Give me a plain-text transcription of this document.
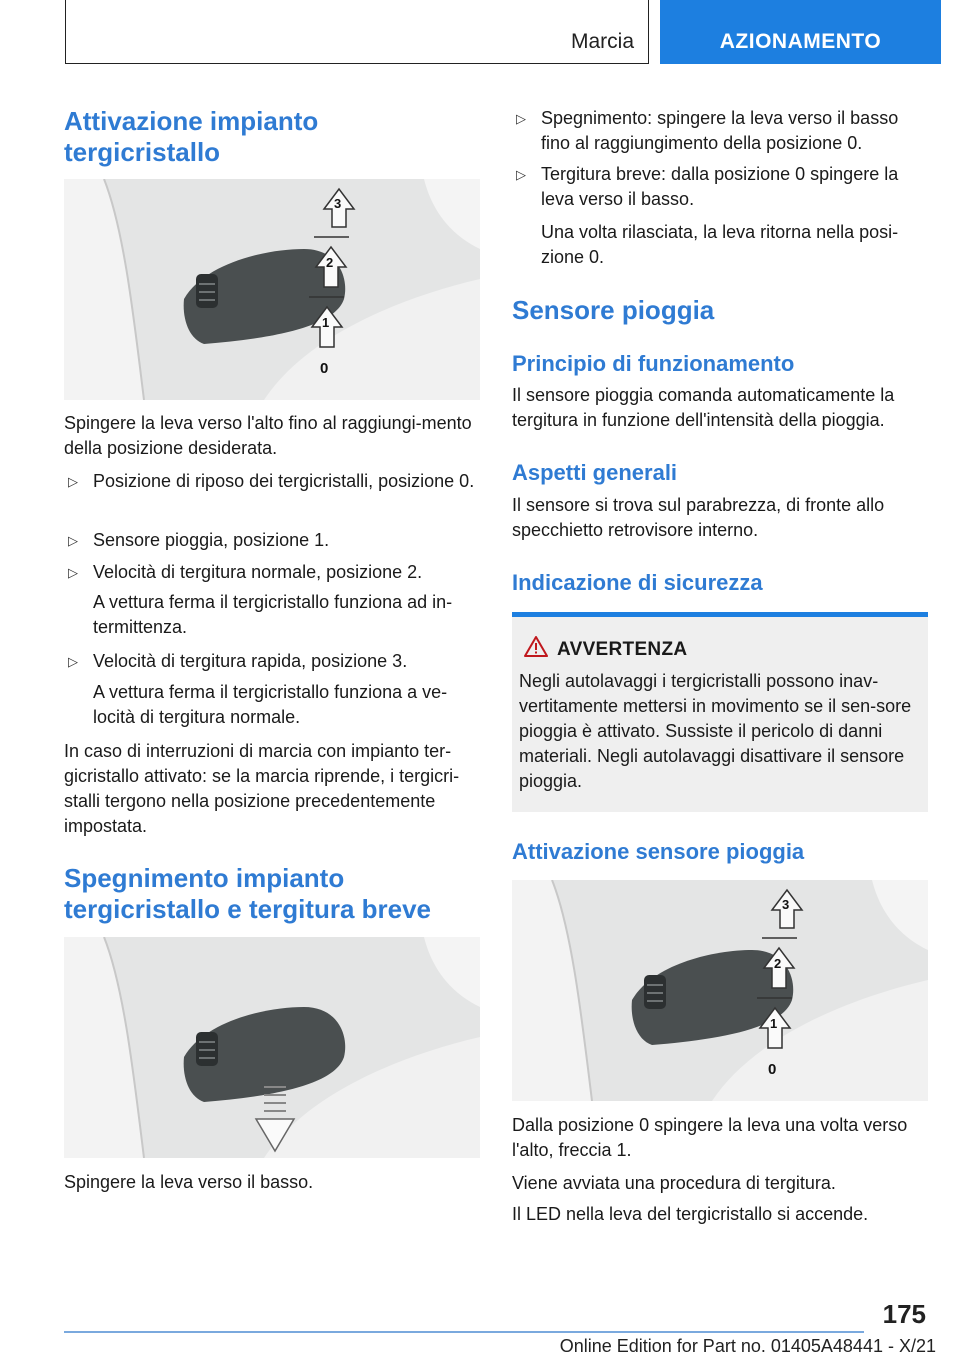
Marcia	AZIONAMENTO
Attivazione impianto tergicristallo
3
2
1
0
Spingere la leva verso l'alto fino al raggiungi-mento della posizione desiderata.
▷ Posizione di riposo dei tergicristalli, posizione 0.
▷ Sensore pioggia, posizione 1.
▷ Velocità di tergitura normale, posizione 2.
A vettura ferma il tergicristallo funziona ad in-termittenza.
▷ Velocità di tergitura rapida, posizione 3.
A vettura ferma il tergicristallo funziona a ve-locità di tergitura normale.
In caso di interruzioni di marcia con impianto ter-gicristallo attivato: se la marcia riprende, i tergicri-stalli tergono nella posizione precedentemente impostata.
Spegnimento impianto tergicristallo e tergitura breve
Spingere la leva verso il basso.
▷ Spegnimento: spingere la leva verso il basso fino al raggiungimento della posizione 0.
▷ Tergitura breve: dalla posizione 0 spingere la leva verso il basso.
Una volta rilasciata, la leva ritorna nella posi-zione 0.
Sensore pioggia
Principio di funzionamento
Il sensore pioggia comanda automaticamente la tergitura in funzione dell'intensità della pioggia.
Aspetti generali
Il sensore si trova sul parabrezza, di fronte allo specchietto retrovisore interno.
Indicazione di sicurezza
AVVERTENZA
Negli autolavaggi i tergicristalli possono inav-vertitamente mettersi in movimento se il sen-sore pioggia è attivato. Sussiste il pericolo di danni materiali. Negli autolavaggi disattivare il sensore pioggia.
Attivazione sensore pioggia
3
2
1
0
Dalla posizione 0 spingere la leva una volta verso l'alto, freccia 1.
Viene avviata una procedura di tergitura.
Il LED nella leva del tergicristallo si accende.
175
Online Edition for Part no. 01405A48441 - X/21
